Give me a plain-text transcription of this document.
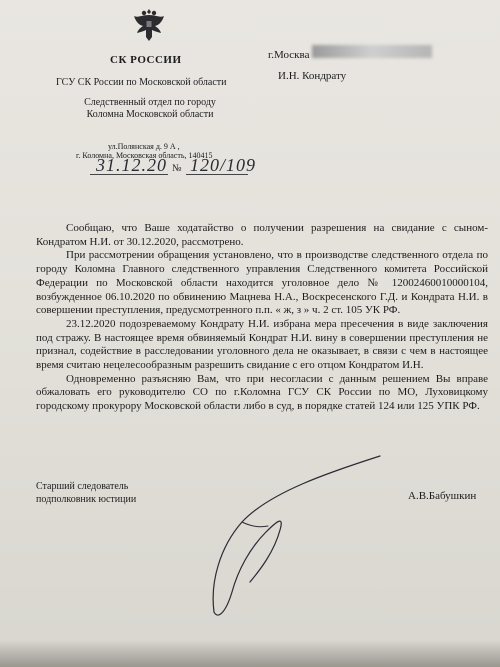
СК РОССИИ
ГСУ СК России по Московской области
Следственный отдел по городу Коломна Московской области
ул.Полянская д. 9 А ,
г. Коломна, Московская область, 140415
31.12.20 № 120/109
г.Москва
И.Н. Кондрату

Сообщаю, что Ваше ходатайство о получении разрешения на свидание с сыном- Кондратом Н.И. от 30.12.2020, рассмотрено.

При рассмотрении обращения установлено, что в производстве следственного отдела по городу Коломна Главного следственного управления Следственного комитета Российской Федерации по Московской области находится уголовное дело № 12002460010000104, возбужденное 06.10.2020 по обвинению Мацнева Н.А., Воскресенского Г.Д. и Кондрата Н.И. в совершении преступления, предусмотренного п.п. « ж, з » ч. 2 ст. 105 УК РФ.

23.12.2020 подозреваемому Кондрату Н.И. избрана мера пресечения в виде заключения под стражу. В настоящее время обвиняемый Кондрат Н.И. вину в совершении преступления не признал, содействие в расследовании уголовного дела не оказывает, в связи с чем в настоящее время считаю нецелесообразным разрешить свидание с его отцом Кондратом И.Н.

Одновременно разъясняю Вам, что при несогласии с данным решением Вы вправе обжаловать его руководителю СО по г.Коломна ГСУ СК России по МО, Луховицкому городскому прокурору Московской области либо в суд, в порядке статей 124 или 125 УПК РФ.

Старший следователь
подполковник юстиции	А.В.Бабушкин
